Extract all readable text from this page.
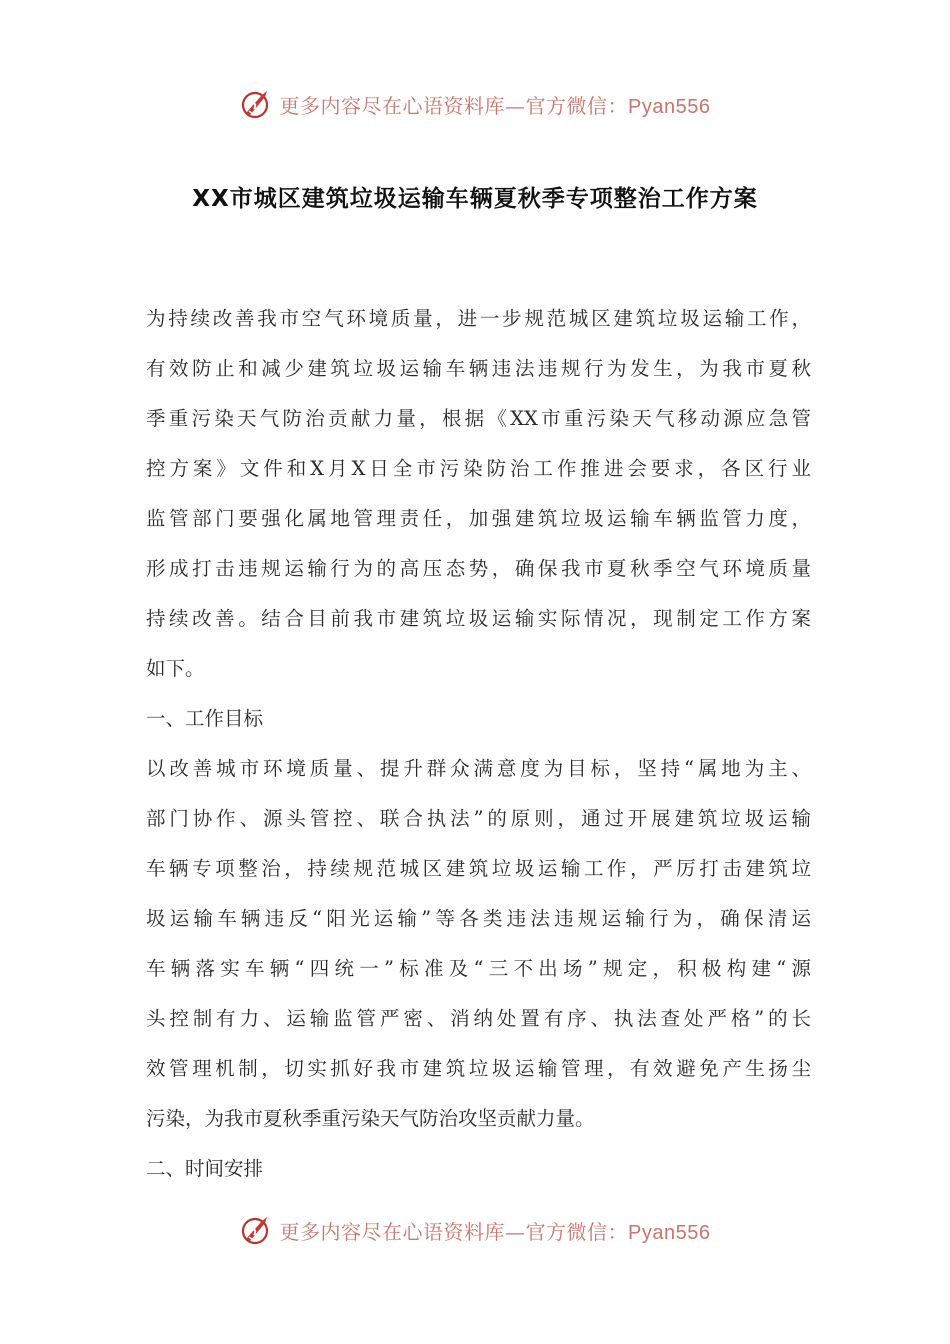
更多内容尽在心语资料库—官方微信：Pyan556
XX市城区建筑垃圾运输车辆夏秋季专项整治工作方案
为持续改善我市空气环境质量，进一步规范城区建筑垃圾运输工作，
有效防止和减少建筑垃圾运输车辆违法违规行为发生，为我市夏秋
季重污染天气防治贡献力量，根据《XX市重污染天气移动源应急管
控方案》文件和X月X日全市污染防治工作推进会要求，各区行业
监管部门要强化属地管理责任，加强建筑垃圾运输车辆监管力度，
形成打击违规运输行为的高压态势，确保我市夏秋季空气环境质量
持续改善。结合目前我市建筑垃圾运输实际情况，现制定工作方案
如下。
一、工作目标
以改善城市环境质量、提升群众满意度为目标，坚持“属地为主、
部门协作、源头管控、联合执法”的原则，通过开展建筑垃圾运输
车辆专项整治，持续规范城区建筑垃圾运输工作，严厉打击建筑垃
圾运输车辆违反“阳光运输”等各类违法违规运输行为，确保清运
车辆落实车辆“四统一”标准及“三不出场”规定，积极构建“源
头控制有力、运输监管严密、消纳处置有序、执法查处严格”的长
效管理机制，切实抓好我市建筑垃圾运输管理，有效避免产生扬尘
污染，为我市夏秋季重污染天气防治攻坚贡献力量。
二、时间安排
更多内容尽在心语资料库—官方微信：Pyan556
